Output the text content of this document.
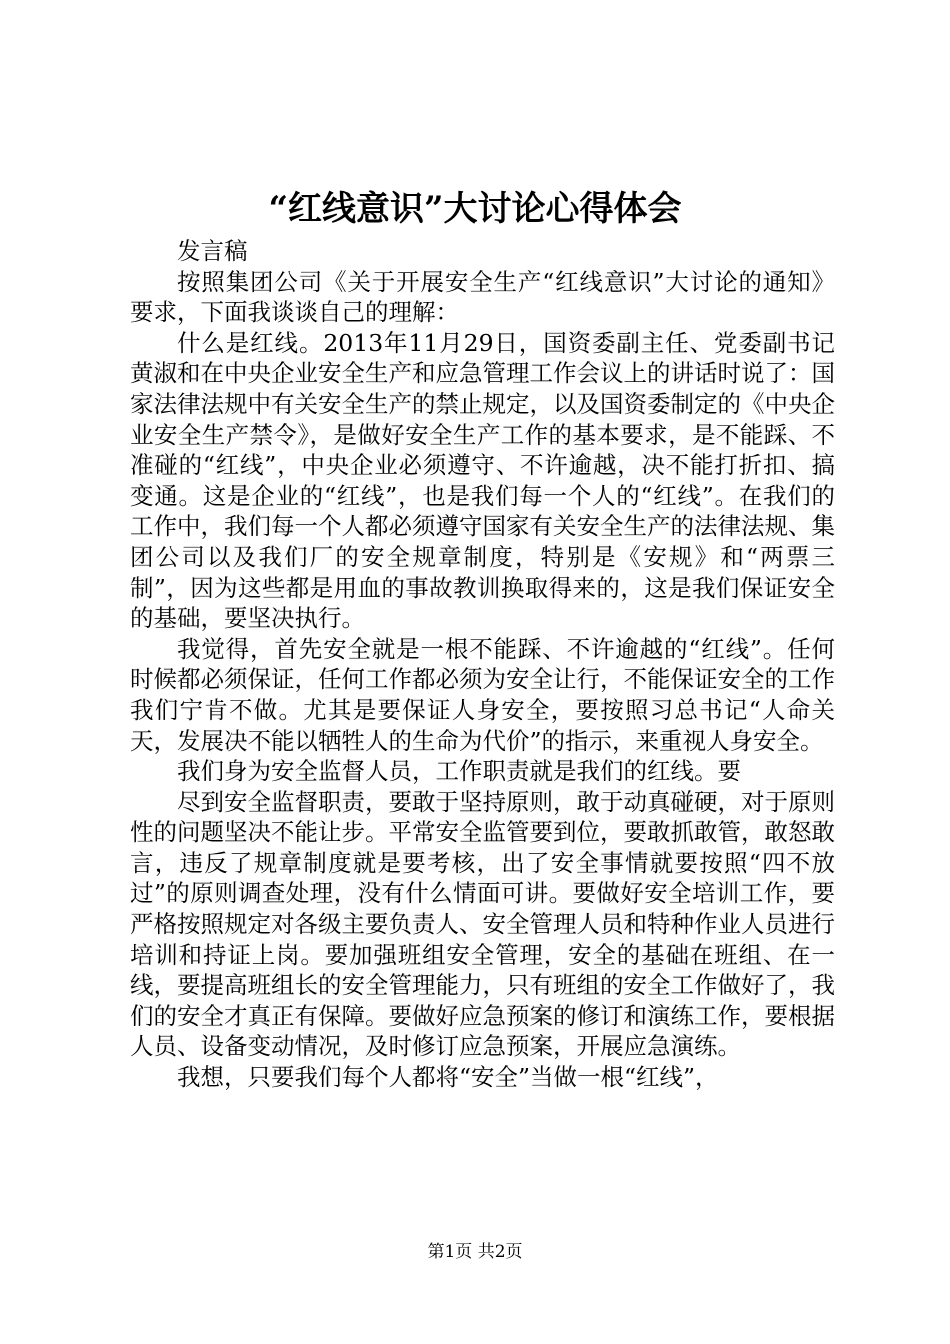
“红线意识”大讨论心得体会

发言稿

按照集团公司《关于开展安全生产“红线意识”大讨论的通知》要求，下面我谈谈自己的理解：

什么是红线。2013年11月29日，国资委副主任、党委副书记黄淑和在中央企业安全生产和应急管理工作会议上的讲话时说了：国家法律法规中有关安全生产的禁止规定，以及国资委制定的《中央企业安全生产禁令》，是做好安全生产工作的基本要求，是不能踩、不准碰的“红线”，中央企业必须遵守、不许逾越，决不能打折扣、搞变通。这是企业的“红线”，也是我们每一个人的“红线”。在我们的工作中，我们每一个人都必须遵守国家有关安全生产的法律法规、集团公司以及我们厂的安全规章制度，特别是《安规》和“两票三制”，因为这些都是用血的事故教训换取得来的，这是我们保证安全的基础，要坚决执行。

我觉得，首先安全就是一根不能踩、不许逾越的“红线”。任何时候都必须保证，任何工作都必须为安全让行，不能保证安全的工作我们宁肯不做。尤其是要保证人身安全，要按照习总书记“人命关天，发展决不能以牺牲人的生命为代价”的指示，来重视人身安全。

我们身为安全监督人员，工作职责就是我们的红线。要

尽到安全监督职责，要敢于坚持原则，敢于动真碰硬，对于原则性的问题坚决不能让步。平常安全监管要到位，要敢抓敢管，敢怒敢言，违反了规章制度就是要考核，出了安全事情就要按照“四不放过”的原则调查处理，没有什么情面可讲。要做好安全培训工作，要严格按照规定对各级主要负责人、安全管理人员和特种作业人员进行培训和持证上岗。要加强班组安全管理，安全的基础在班组、在一线，要提高班组长的安全管理能力，只有班组的安全工作做好了，我们的安全才真正有保障。要做好应急预案的修订和演练工作，要根据人员、设备变动情况，及时修订应急预案，开展应急演练。

我想，只要我们每个人都将“安全”当做一根“红线”，

第1页 共2页
